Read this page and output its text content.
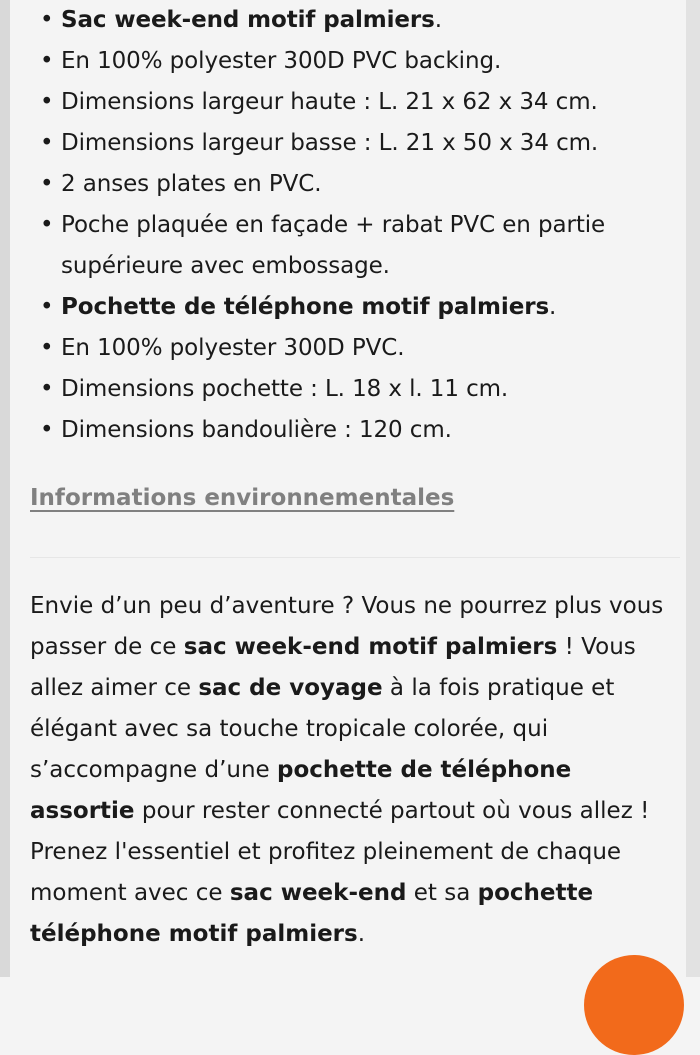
• Sac week-end motif palmiers.
• En 100% polyester 300D PVC backing.
• Dimensions largeur haute : L. 21 x 62 x 34 cm.
• Dimensions largeur basse : L. 21 x 50 x 34 cm.
• 2 anses plates en PVC.
• Poche plaquée en façade + rabat PVC en partie supérieure avec embossage.
• Pochette de téléphone motif palmiers.
• En 100% polyester 300D PVC.
• Dimensions pochette : L. 18 x l. 11 cm.
• Dimensions bandoulière : 120 cm.
Informations environnementales

Envie d’un peu d’aventure ? Vous ne pourrez plus vous passer de ce sac week-end motif palmiers ! Vous allez aimer ce sac de voyage à la fois pratique et élégant avec sa touche tropicale colorée, qui s’accompagne d’une pochette de téléphone assortie pour rester connecté partout où vous allez ! Prenez l'essentiel et profitez pleinement de chaque moment avec ce sac week-end et sa pochette téléphone motif palmiers.
